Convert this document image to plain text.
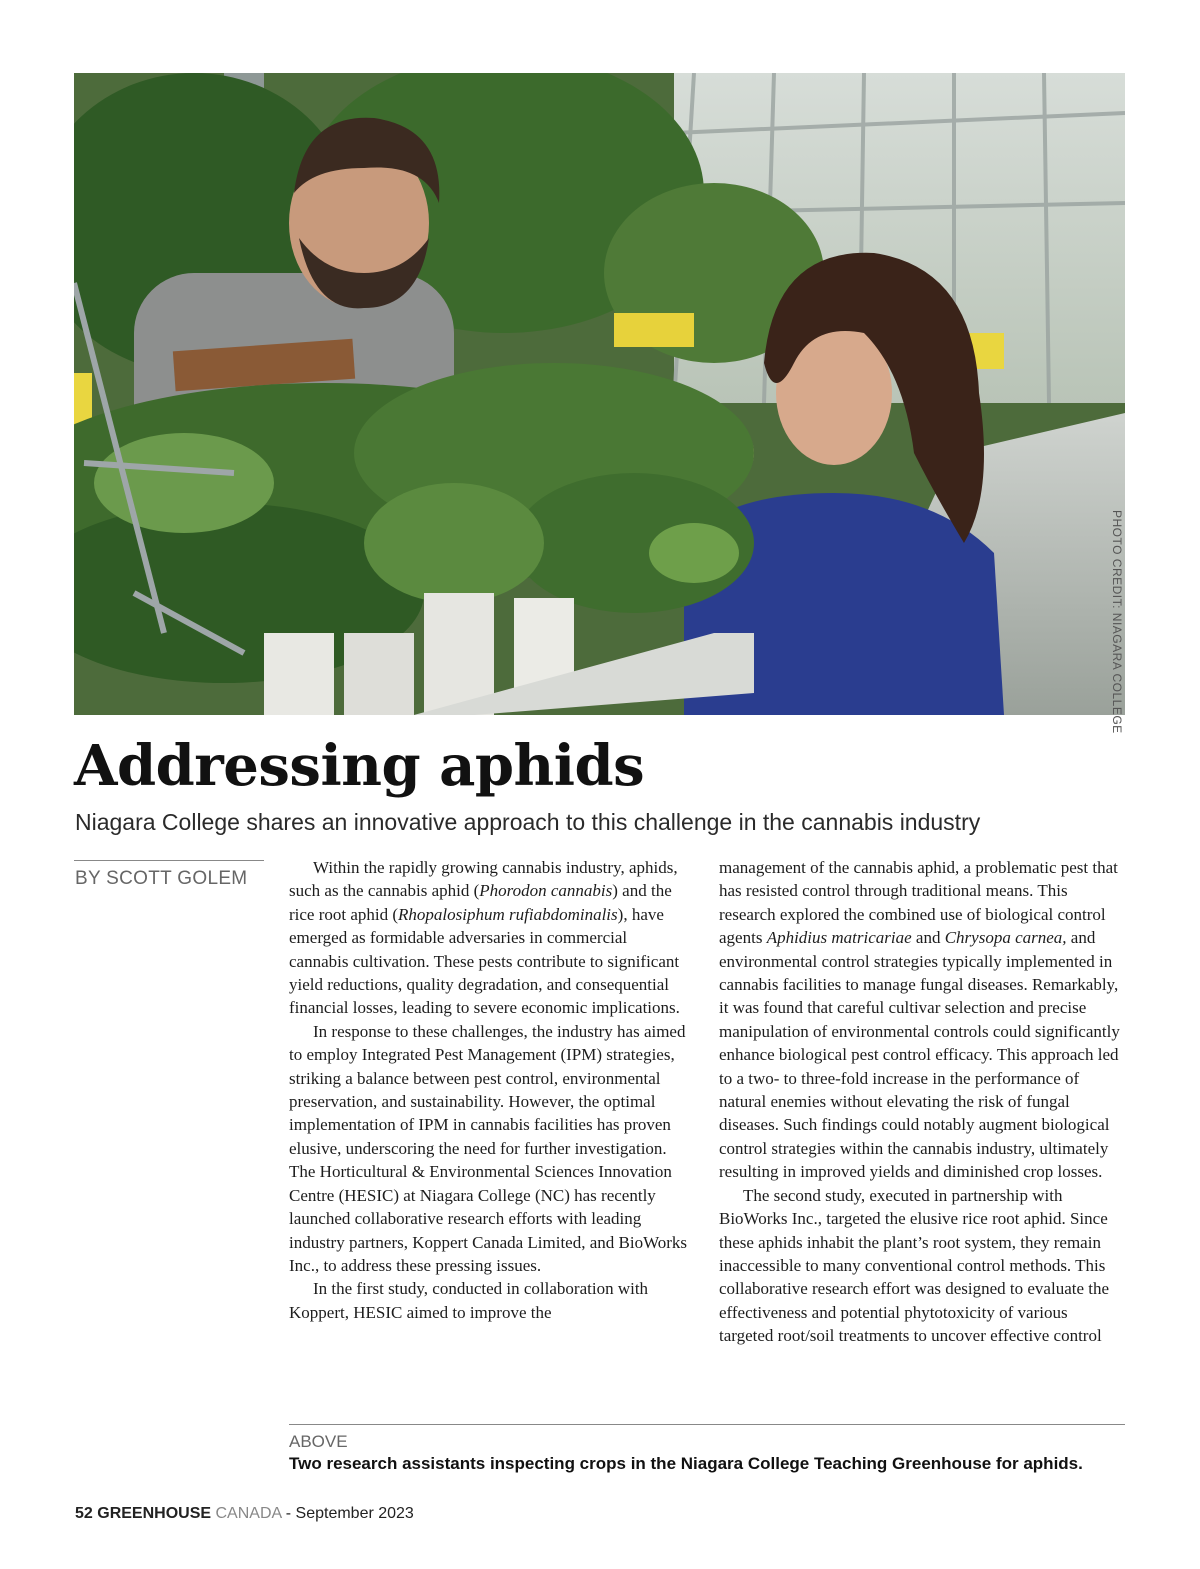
PHOTO CREDIT: NIAGARA COLLEGE
Addressing aphids

Niagara College shares an innovative approach to this challenge in the cannabis industry

BY SCOTT GOLEM

Within the rapidly growing cannabis industry, aphids, such as the cannabis aphid (Phorodon cannabis) and the rice root aphid (Rhopalosiphum rufiabdominalis), have emerged as formidable adversaries in commercial cannabis cultivation. These pests contribute to significant yield reductions, quality degradation, and consequential financial losses, leading to severe economic implications.

In response to these challenges, the industry has aimed to employ Integrated Pest Management (IPM) strategies, striking a balance between pest control, environmental preservation, and sustainability. However, the optimal implementation of IPM in cannabis facilities has proven elusive, underscoring the need for further investigation. The Horticultural & Environmental Sciences Innovation Centre (HESIC) at Niagara College (NC) has recently launched collaborative research efforts with leading industry partners, Koppert Canada Limited, and BioWorks Inc., to address these pressing issues.

In the first study, conducted in collaboration with Koppert, HESIC aimed to improve the

management of the cannabis aphid, a problematic pest that has resisted control through traditional means. This research explored the combined use of biological control agents Aphidius matricariae and Chrysopa carnea, and environmental control strategies typically implemented in cannabis facilities to manage fungal diseases. Remarkably, it was found that careful cultivar selection and precise manipulation of environmental controls could significantly enhance biological pest control efficacy. This approach led to a two- to three-fold increase in the performance of natural enemies without elevating the risk of fungal diseases. Such findings could notably augment biological control strategies within the cannabis industry, ultimately resulting in improved yields and diminished crop losses.

The second study, executed in partnership with BioWorks Inc., targeted the elusive rice root aphid. Since these aphids inhabit the plant’s root system, they remain inaccessible to many conventional control methods. This collaborative research effort was designed to evaluate the effectiveness and potential phytotoxicity of various targeted root/soil treatments to uncover effective control

ABOVE
Two research assistants inspecting crops in the Niagara College Teaching Greenhouse for aphids.
52 GREENHOUSE CANADA - September 2023
